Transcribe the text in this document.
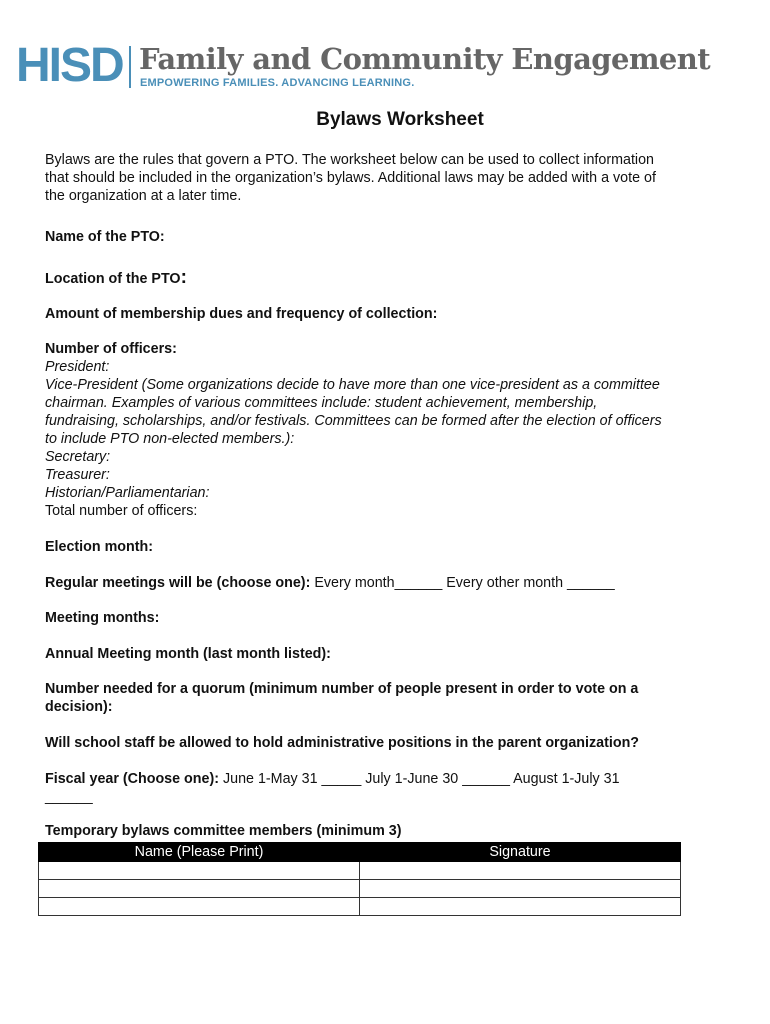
HISD Family and Community Engagement
EMPOWERING FAMILIES. ADVANCING LEARNING.
Bylaws Worksheet

Bylaws are the rules that govern a PTO. The worksheet below can be used to collect information

that should be included in the organization’s bylaws. Additional laws may be added with a vote of

the organization at a later time.

Name of the PTO:

Location of the PTO:

Amount of membership dues and frequency of collection:

Number of officers:

President:

Vice-President (Some organizations decide to have more than one vice-president as a committee

chairman. Examples of various committees include: student achievement, membership,

fundraising, scholarships, and/or festivals. Committees can be formed after the election of officers

to include PTO non-elected members.):

Secretary:

Treasurer:

Historian/Parliamentarian:

Total number of officers:

Election month:

Regular meetings will be (choose one): Every month______ Every other month ______

Meeting months:

Annual Meeting month (last month listed):

Number needed for a quorum (minimum number of people present in order to vote on a

decision):

Will school staff be allowed to hold administrative positions in the parent organization?

Fiscal year (Choose one): June 1-May 31 _____ July 1-June 30 ______ August 1-July 31

______

Temporary bylaws committee members (minimum 3)

Name (Please Print)	Signature
